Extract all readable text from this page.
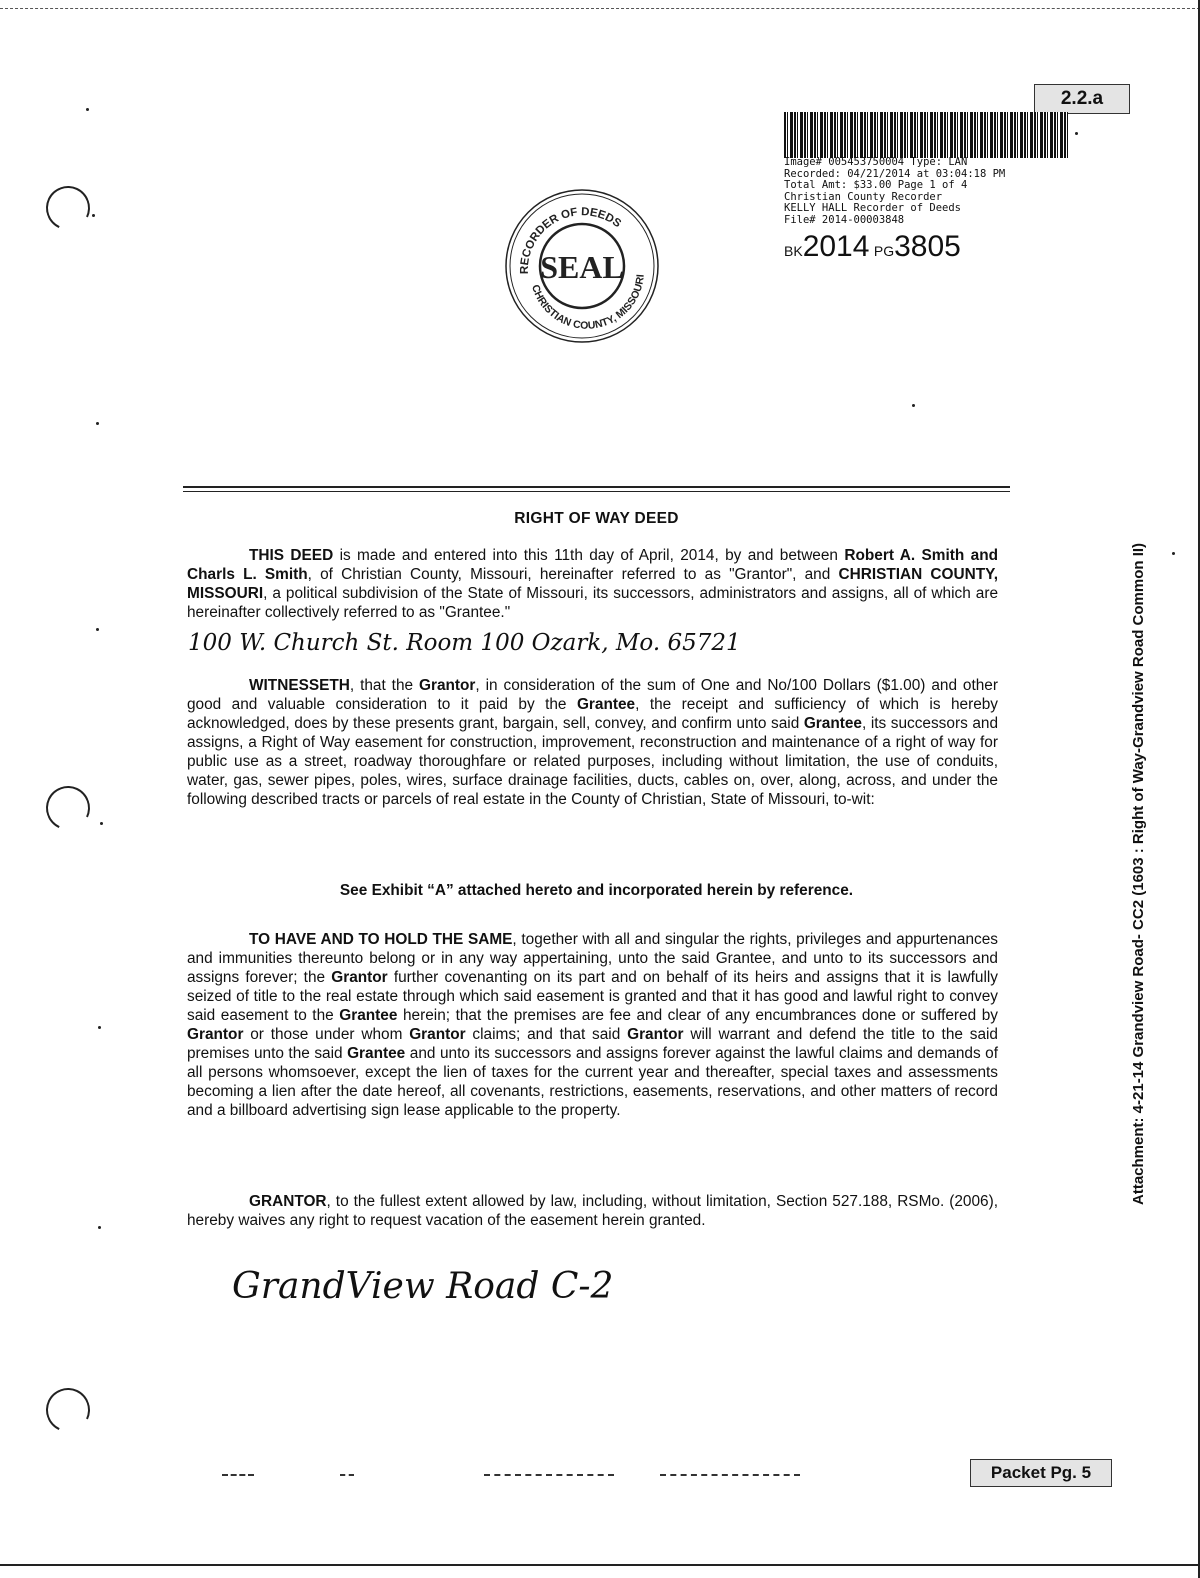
2.2.a
Image# 005453750004 Type: LAN
Recorded: 04/21/2014 at 03:04:18 PM
Total Amt: $33.00 Page 1 of 4
Christian County Recorder
KELLY HALL Recorder of Deeds
File# 2014-00003848
BK2014 PG3805
RECORDER OF DEEDS
CHRISTIAN COUNTY, MISSOURI
SEAL
RIGHT OF WAY DEED
THIS DEED is made and entered into this 11th day of April, 2014, by and between Robert A. Smith and Charls L. Smith, of Christian County, Missouri, hereinafter referred to as "Grantor", and CHRISTIAN COUNTY, MISSOURI, a political subdivision of the State of Missouri, its successors, administrators and assigns, all of which are hereinafter collectively referred to as "Grantee."
100 W. Church St. Room 100 Ozark, Mo. 65721
WITNESSETH, that the Grantor, in consideration of the sum of One and No/100 Dollars ($1.00) and other good and valuable consideration to it paid by the Grantee, the receipt and sufficiency of which is hereby acknowledged, does by these presents grant, bargain, sell, convey, and confirm unto said Grantee, its successors and assigns, a Right of Way easement for construction, improvement, reconstruction and maintenance of a right of way for public use as a street, roadway thoroughfare or related purposes, including without limitation, the use of conduits, water, gas, sewer pipes, poles, wires, surface drainage facilities, ducts, cables on, over, along, across, and under the following described tracts or parcels of real estate in the County of Christian, State of Missouri, to-wit:
See Exhibit “A” attached hereto and incorporated herein by reference.
TO HAVE AND TO HOLD THE SAME, together with all and singular the rights, privileges and appurtenances and immunities thereunto belong or in any way appertaining, unto the said Grantee, and unto to its successors and assigns forever; the Grantor further covenanting on its part and on behalf of its heirs and assigns that it is lawfully seized of title to the real estate through which said easement is granted and that it has good and lawful right to convey said easement to the Grantee herein; that the premises are fee and clear of any encumbrances done or suffered by Grantor or those under whom Grantor claims; and that said Grantor will warrant and defend the title to the said premises unto the said Grantee and unto its successors and assigns forever against the lawful claims and demands of all persons whomsoever, except the lien of taxes for the current year and thereafter, special taxes and assessments becoming a lien after the date hereof, all covenants, restrictions, easements, reservations, and other matters of record and a billboard advertising sign lease applicable to the property.
GRANTOR, to the fullest extent allowed by law, including, without limitation, Section 527.188, RSMo. (2006), hereby waives any right to request vacation of the easement herein granted.
GrandView Road C-2
Attachment: 4-21-14 Grandview Road- CC2 (1603 : Right of Way-Grandview Road Common II)
Packet Pg. 5
